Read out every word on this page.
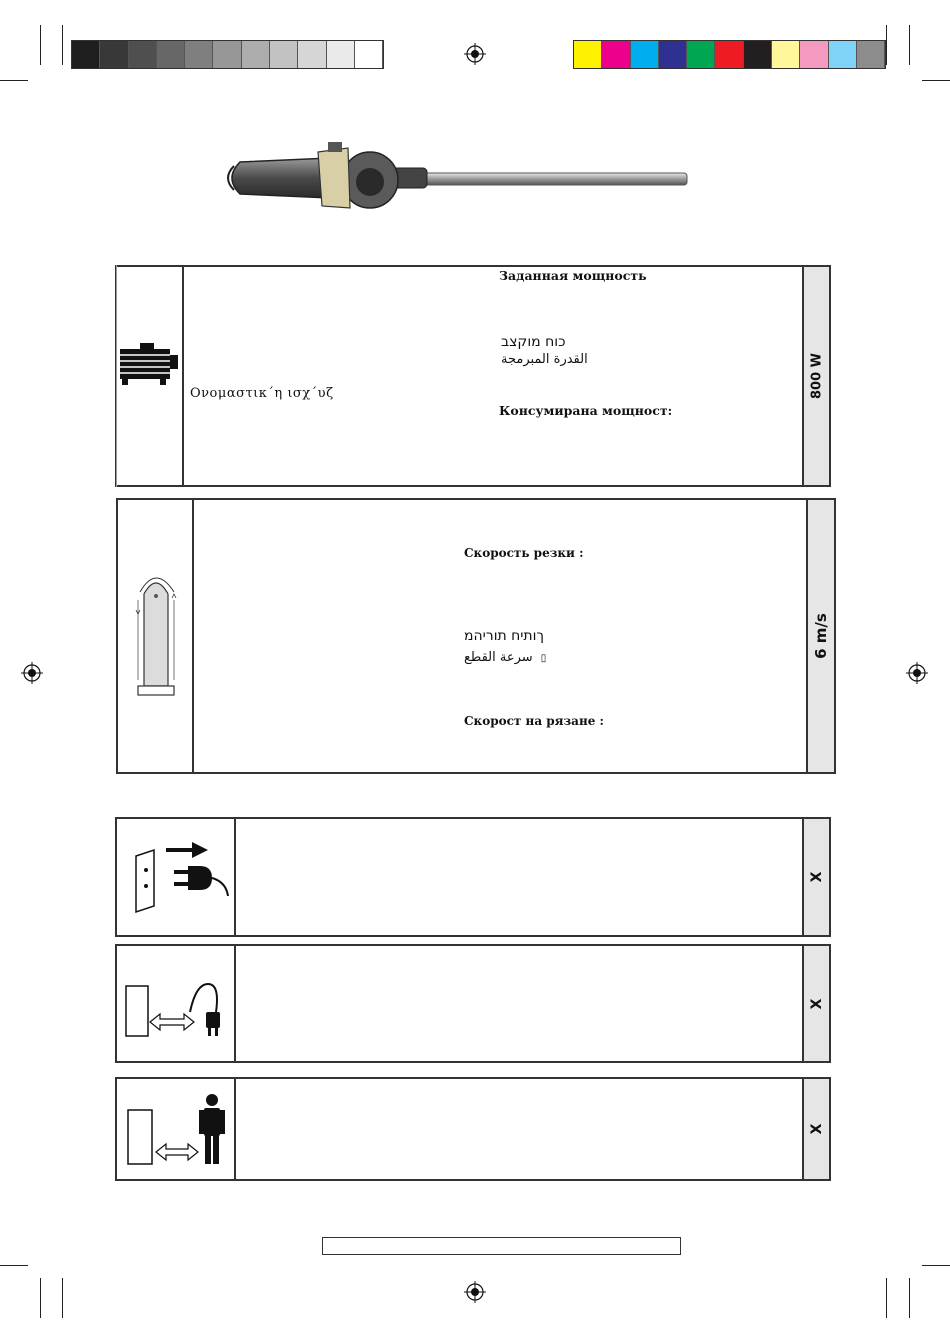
Ονομαστικ΄η ισχ΄υζ
Заданная мощность
כוח מוקצב
القدرة المبرمجة
Консумирана мощност:
800 W
Скорость резки :
ךותיח תוריהמ
سرعة القطع ▯
Скорост на рязане :
6 m/s
X
X
X
